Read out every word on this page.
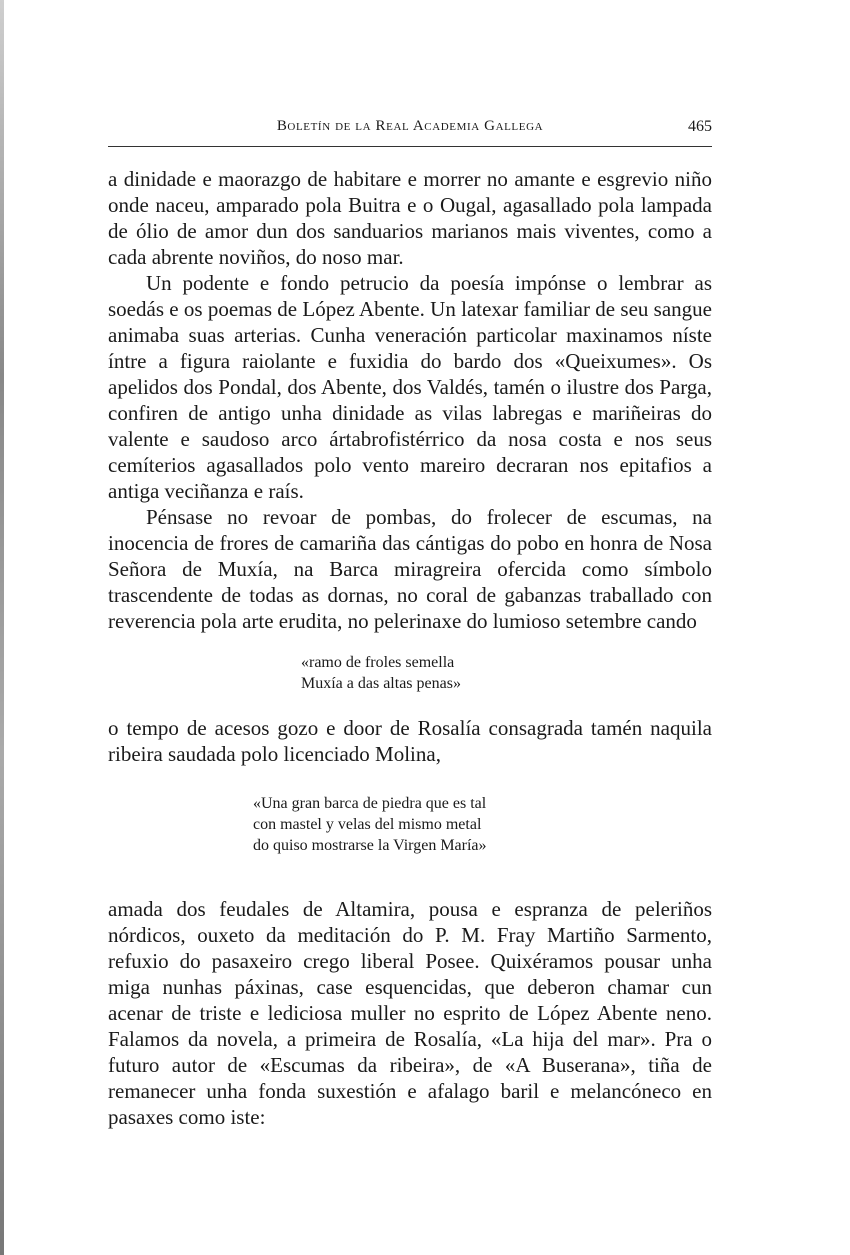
Boletín de la Real Academia Gallega	465

a dinidade e maorazgo de habitare e morrer no amante e esgrevio niño onde naceu, amparado pola Buitra e o Ougal, agasallado pola lampada de ólio de amor dun dos sanduarios marianos mais viventes, como a cada abrente noviños, do noso mar.

Un podente e fondo petrucio da poesía impónse o lembrar as soedás e os poemas de López Abente. Un latexar familiar de seu sangue animaba suas arterias. Cunha veneración particolar maxinamos níste íntre a figura raiolante e fuxidia do bardo dos «Queixumes». Os apelidos dos Pondal, dos Abente, dos Valdés, tamén o ilustre dos Parga, confiren de antigo unha dinidade as vilas labregas e mariñeiras do valente e saudoso arco ártabrofistérrico da nosa costa e nos seus cemíterios agasallados polo vento mareiro decraran nos epitafios a antiga veciñanza e raís.

Pénsase no revoar de pombas, do frolecer de escumas, na inocencia de frores de camariña das cántigas do pobo en honra de Nosa Señora de Muxía, na Barca miragreira ofercida como símbolo trascendente de todas as dornas, no coral de gabanzas traballado con reverencia pola arte erudita, no pelerinaxe do lumioso setembre cando

«ramo de froles semella
Muxía a das altas penas»

o tempo de acesos gozo e door de Rosalía consagrada tamén naquila ribeira saudada polo licenciado Molina,

«Una gran barca de piedra que es tal
con mastel y velas del mismo metal
do quiso mostrarse la Virgen María»

amada dos feudales de Altamira, pousa e espranza de peleriños nórdicos, ouxeto da meditación do P. M. Fray Martiño Sarmento, refuxio do pasaxeiro crego liberal Posee. Quixéramos pousar unha miga nunhas páxinas, case esquencidas, que deberon chamar cun acenar de triste e lediciosa muller no esprito de López Abente neno. Falamos da novela, a primeira de Rosalía, «La hija del mar». Pra o futuro autor de «Escumas da ribeira», de «A Buserana», tiña de remanecer unha fonda suxestión e afalago baril e melancóneco en pasaxes como iste:
